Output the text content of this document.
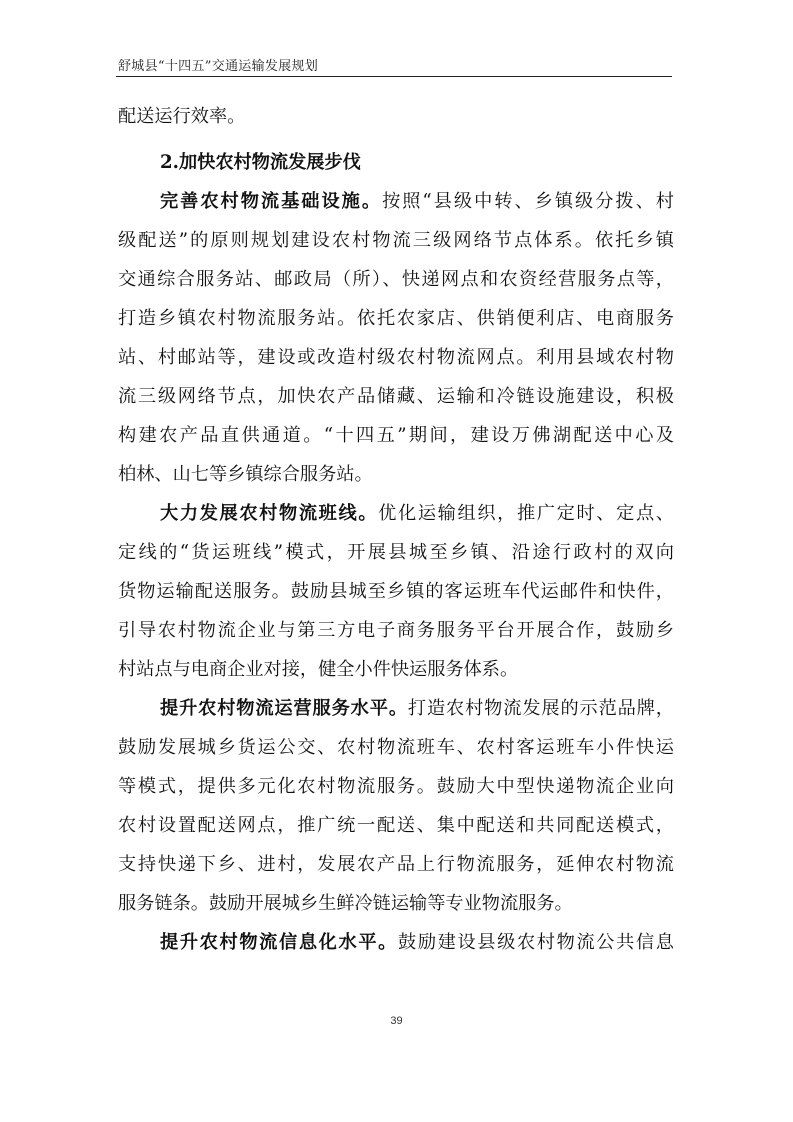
舒城县“十四五”交通运输发展规划
配送运行效率。
2.加快农村物流发展步伐
完善农村物流基础设施。按照“县级中转、乡镇级分拨、村
级配送”的原则规划建设农村物流三级网络节点体系。依托乡镇
交通综合服务站、邮政局（所）、快递网点和农资经营服务点等，
打造乡镇农村物流服务站。依托农家店、供销便利店、电商服务
站、村邮站等，建设或改造村级农村物流网点。利用县域农村物
流三级网络节点，加快农产品储藏、运输和冷链设施建设，积极
构建农产品直供通道。“十四五”期间，建设万佛湖配送中心及
柏林、山七等乡镇综合服务站。
大力发展农村物流班线。优化运输组织，推广定时、定点、
定线的“货运班线”模式，开展县城至乡镇、沿途行政村的双向
货物运输配送服务。鼓励县城至乡镇的客运班车代运邮件和快件，
引导农村物流企业与第三方电子商务服务平台开展合作，鼓励乡
村站点与电商企业对接，健全小件快运服务体系。
提升农村物流运营服务水平。打造农村物流发展的示范品牌，
鼓励发展城乡货运公交、农村物流班车、农村客运班车小件快运
等模式，提供多元化农村物流服务。鼓励大中型快递物流企业向
农村设置配送网点，推广统一配送、集中配送和共同配送模式，
支持快递下乡、进村，发展农产品上行物流服务，延伸农村物流
服务链条。鼓励开展城乡生鲜冷链运输等专业物流服务。
提升农村物流信息化水平。鼓励建设县级农村物流公共信息
39
